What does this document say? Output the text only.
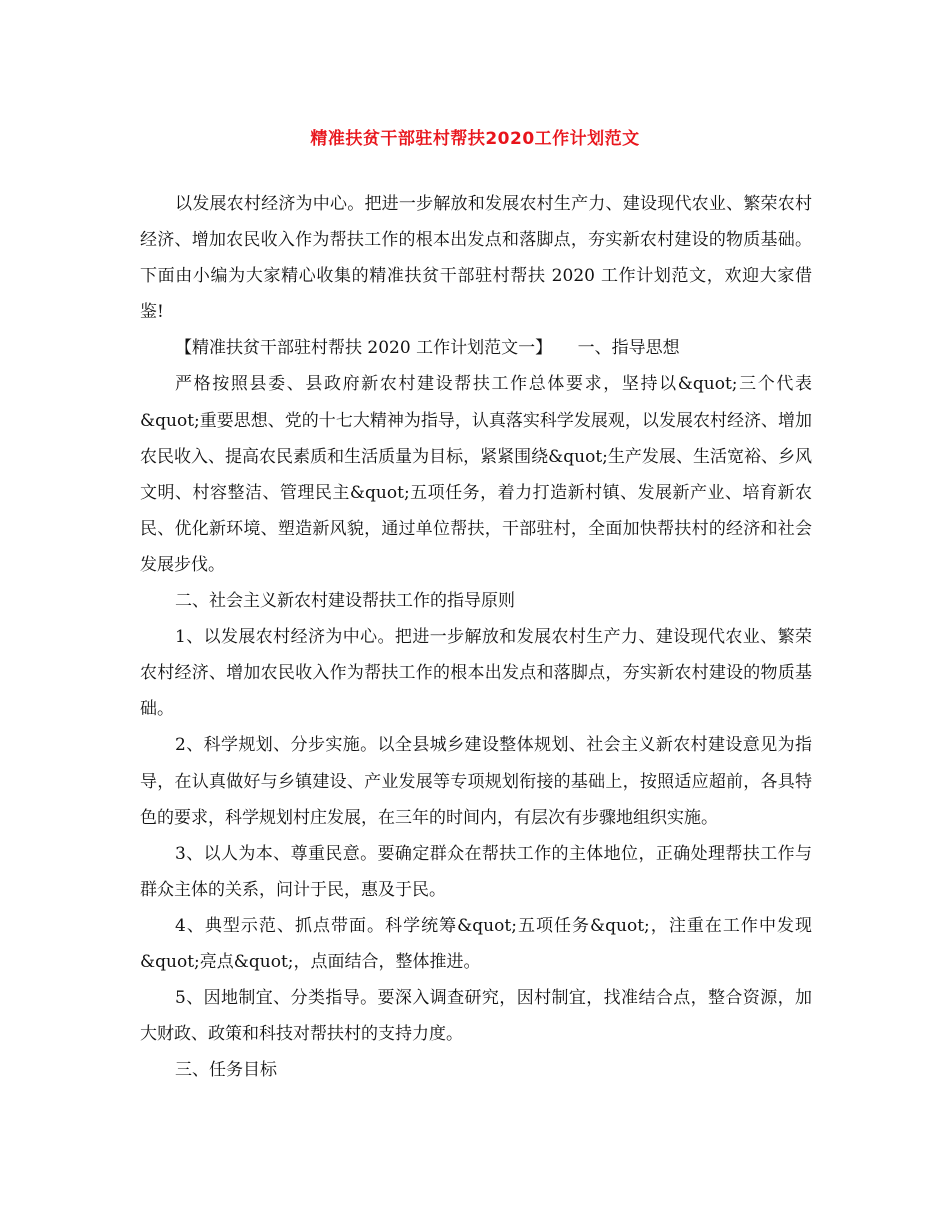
精准扶贫干部驻村帮扶2020工作计划范文

以发展农村经济为中心。把进一步解放和发展农村生产力、建设现代农业、繁荣农村经济、增加农民收入作为帮扶工作的根本出发点和落脚点，夯实新农村建设的物质基础。下面由小编为大家精心收集的精准扶贫干部驻村帮扶 2020 工作计划范文，欢迎大家借鉴!

【精准扶贫干部驻村帮扶 2020 工作计划范文一】　　一、指导思想

严格按照县委、县政府新农村建设帮扶工作总体要求，坚持以&quot;三个代表&quot;重要思想、党的十七大精神为指导，认真落实科学发展观，以发展农村经济、增加农民收入、提高农民素质和生活质量为目标，紧紧围绕&quot;生产发展、生活宽裕、乡风文明、村容整洁、管理民主&quot;五项任务，着力打造新村镇、发展新产业、培育新农民、优化新环境、塑造新风貌，通过单位帮扶，干部驻村，全面加快帮扶村的经济和社会发展步伐。

二、社会主义新农村建设帮扶工作的指导原则

1、以发展农村经济为中心。把进一步解放和发展农村生产力、建设现代农业、繁荣农村经济、增加农民收入作为帮扶工作的根本出发点和落脚点，夯实新农村建设的物质基础。

2、科学规划、分步实施。以全县城乡建设整体规划、社会主义新农村建设意见为指导，在认真做好与乡镇建设、产业发展等专项规划衔接的基础上，按照适应超前，各具特色的要求，科学规划村庄发展，在三年的时间内，有层次有步骤地组织实施。

3、以人为本、尊重民意。要确定群众在帮扶工作的主体地位，正确处理帮扶工作与群众主体的关系，问计于民，惠及于民。

4、典型示范、抓点带面。科学统筹&quot;五项任务&quot;，注重在工作中发现&quot;亮点&quot;，点面结合，整体推进。

5、因地制宜、分类指导。要深入调查研究，因村制宜，找准结合点，整合资源，加大财政、政策和科技对帮扶村的支持力度。

三、任务目标
